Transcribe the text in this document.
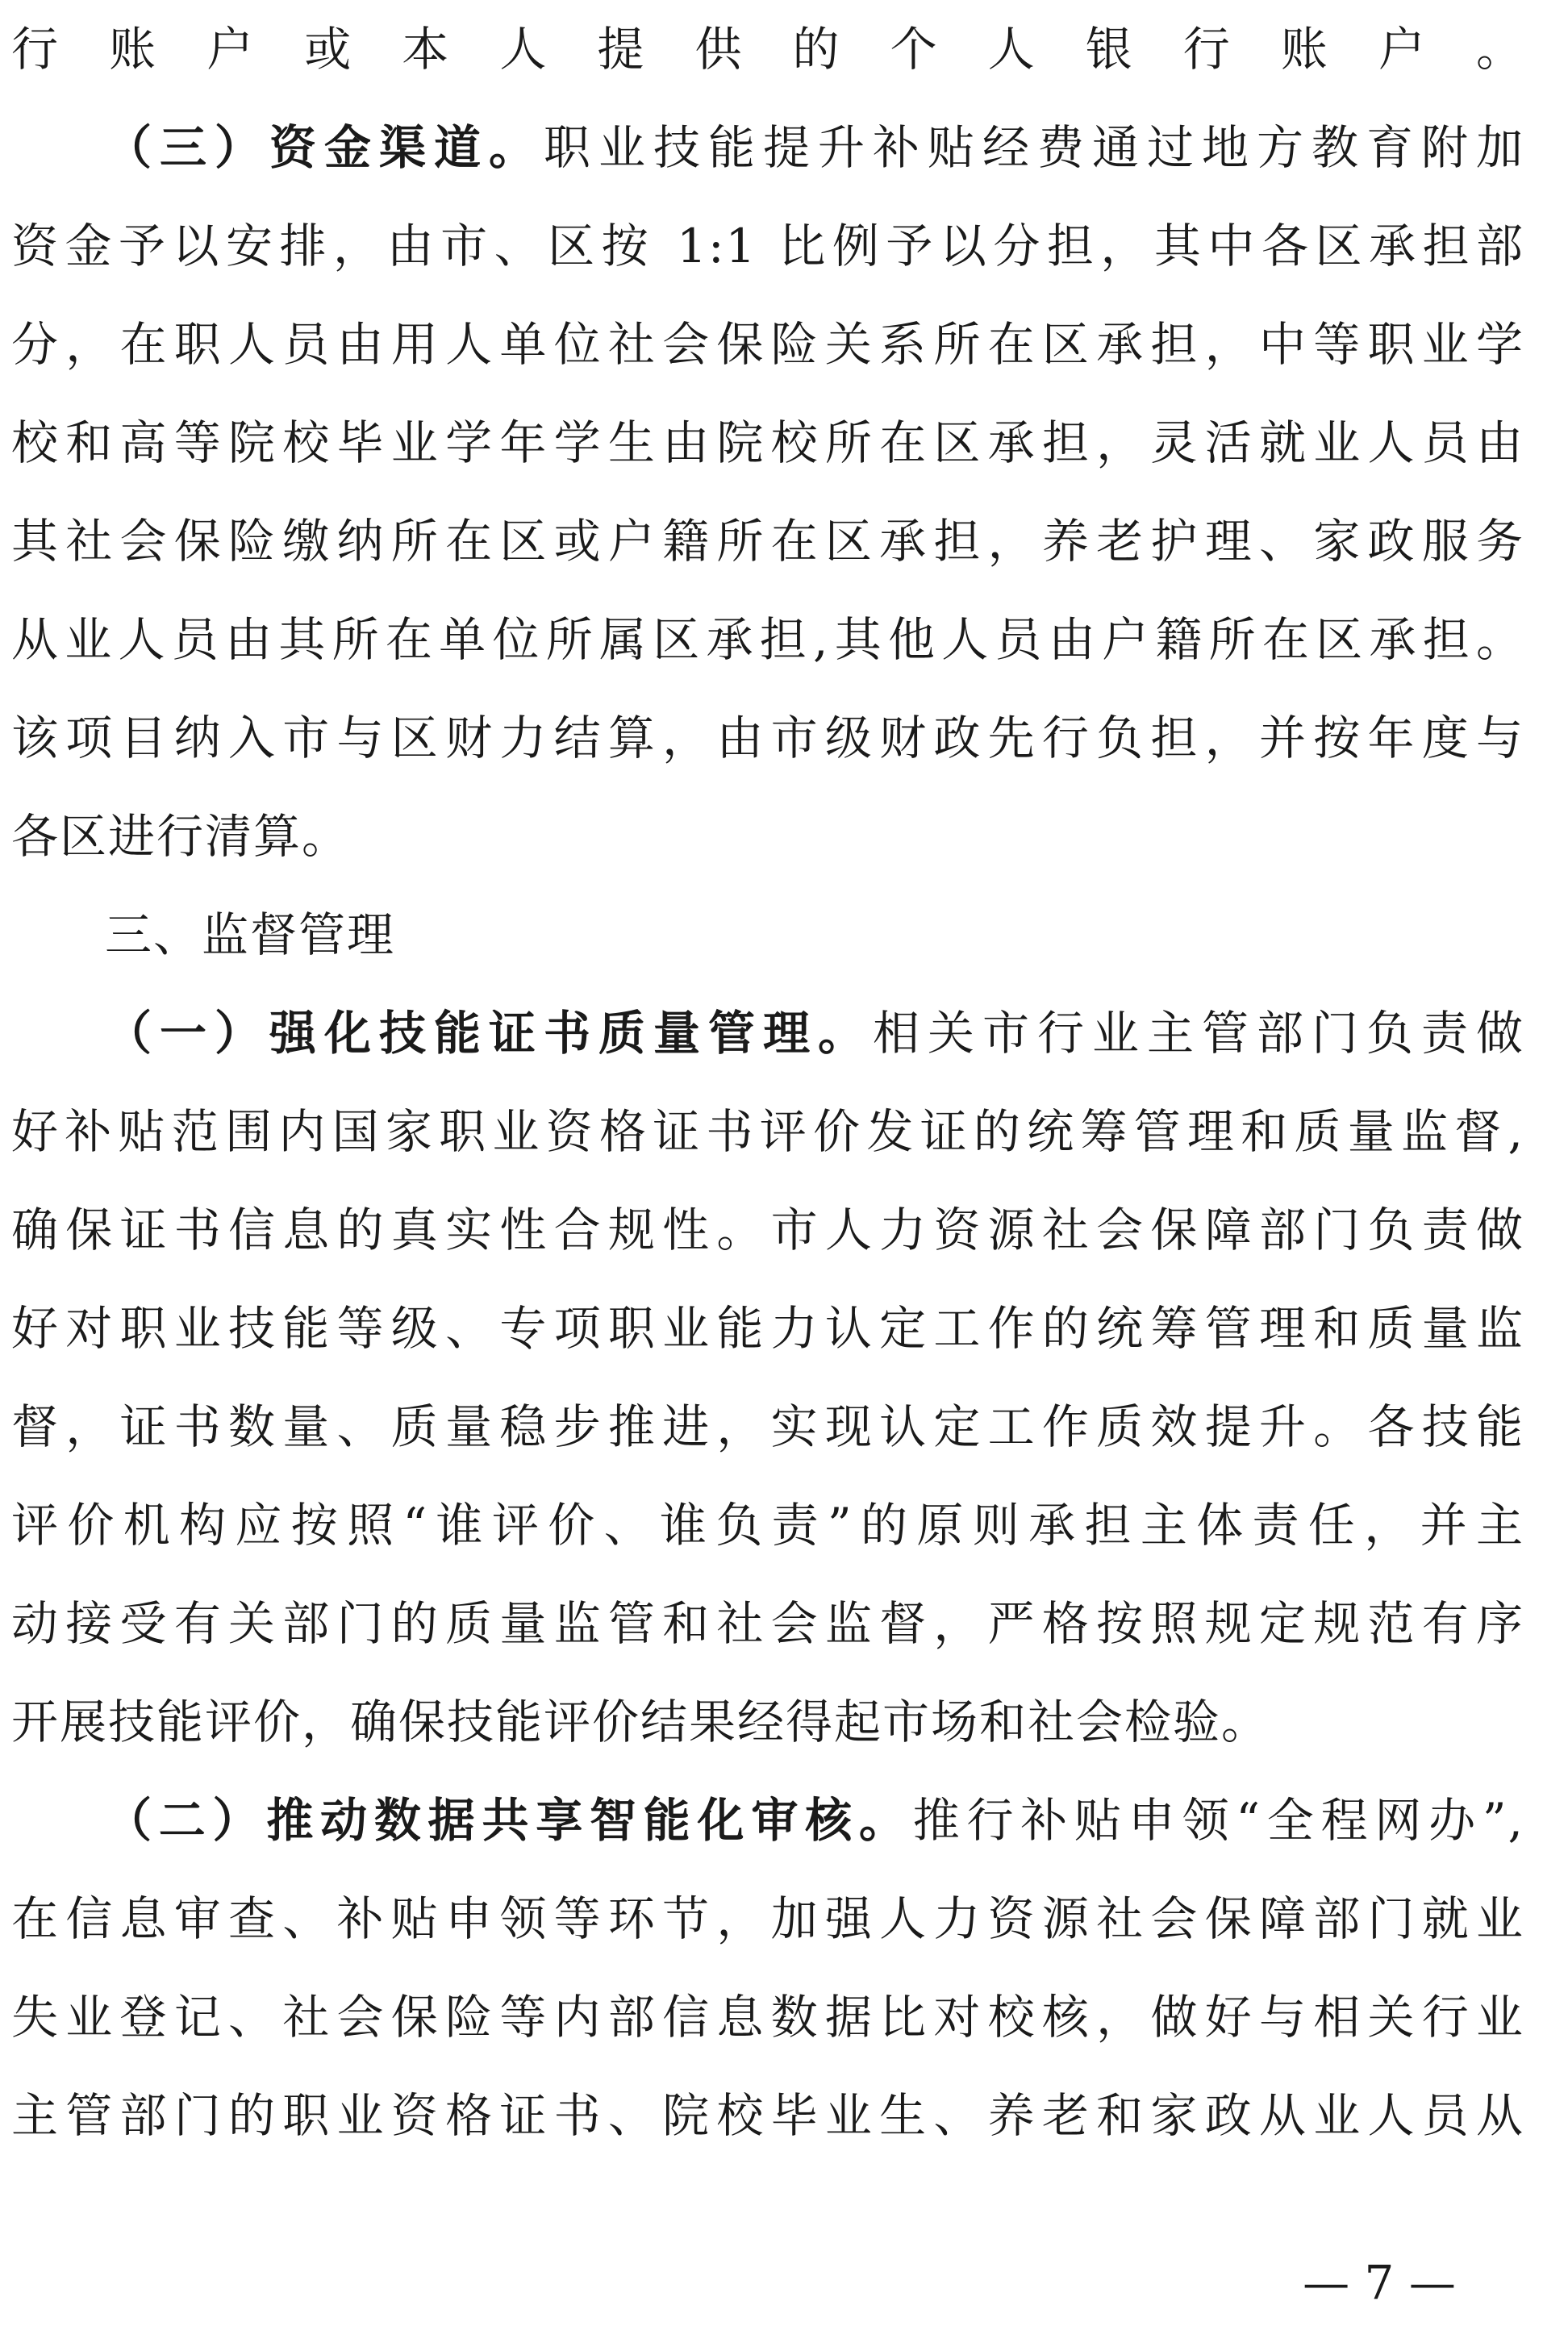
行账户或本人提供的个人银行账户。
（三）资金渠道。职业技能提升补贴经费通过地方教育附加
资金予以安排，由市、区按 1:1 比例予以分担，其中各区承担部
分，在职人员由用人单位社会保险关系所在区承担，中等职业学
校和高等院校毕业学年学生由院校所在区承担，灵活就业人员由
其社会保险缴纳所在区或户籍所在区承担，养老护理、家政服务
从业人员由其所在单位所属区承担,其他人员由户籍所在区承担。
该项目纳入市与区财力结算，由市级财政先行负担，并按年度与
各区进行清算。
三、监督管理
（一）强化技能证书质量管理。相关市行业主管部门负责做
好补贴范围内国家职业资格证书评价发证的统筹管理和质量监督,
确保证书信息的真实性合规性。市人力资源社会保障部门负责做
好对职业技能等级、专项职业能力认定工作的统筹管理和质量监
督，证书数量、质量稳步推进，实现认定工作质效提升。各技能
评价机构应按照“谁评价、谁负责”的原则承担主体责任，并主
动接受有关部门的质量监管和社会监督，严格按照规定规范有序
开展技能评价，确保技能评价结果经得起市场和社会检验。
（二）推动数据共享智能化审核。推行补贴申领“全程网办”,
在信息审查、补贴申领等环节，加强人力资源社会保障部门就业
失业登记、社会保险等内部信息数据比对校核，做好与相关行业
主管部门的职业资格证书、院校毕业生、养老和家政从业人员从
— 7 —
